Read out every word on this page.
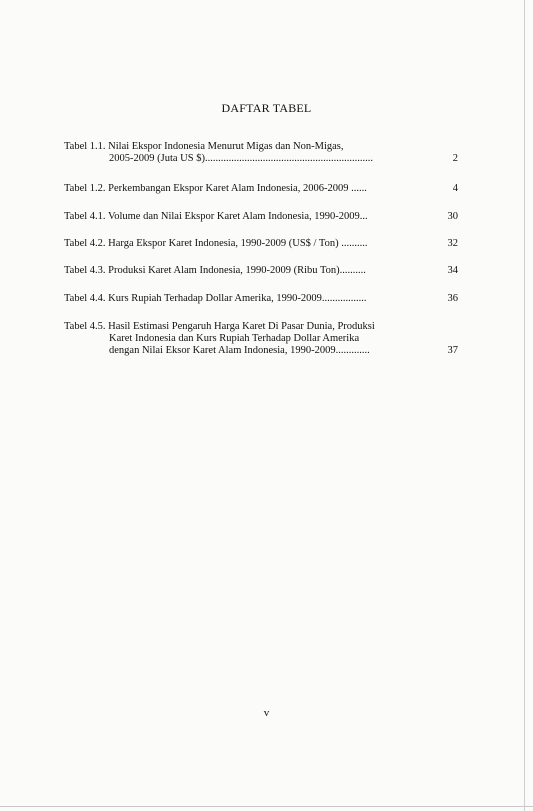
DAFTAR TABEL
Tabel 1.1. Nilai Ekspor Indonesia Menurut Migas dan Non-Migas,
2005-2009 (Juta US $)................................................................	2
Tabel 1.2. Perkembangan Ekspor Karet Alam Indonesia, 2006-2009 ......	4
Tabel 4.1. Volume dan Nilai Ekspor Karet Alam Indonesia, 1990-2009...	30
Tabel 4.2. Harga Ekspor Karet Indonesia, 1990-2009 (US$ / Ton) ..........	32
Tabel 4.3. Produksi Karet Alam Indonesia, 1990-2009 (Ribu Ton)..........	34
Tabel 4.4. Kurs Rupiah Terhadap Dollar Amerika, 1990-2009.................	36
Tabel 4.5. Hasil Estimasi Pengaruh Harga Karet Di Pasar Dunia, Produksi
Karet Indonesia dan Kurs Rupiah Terhadap Dollar Amerika
dengan Nilai Eksor Karet Alam Indonesia, 1990-2009.............	37
v
